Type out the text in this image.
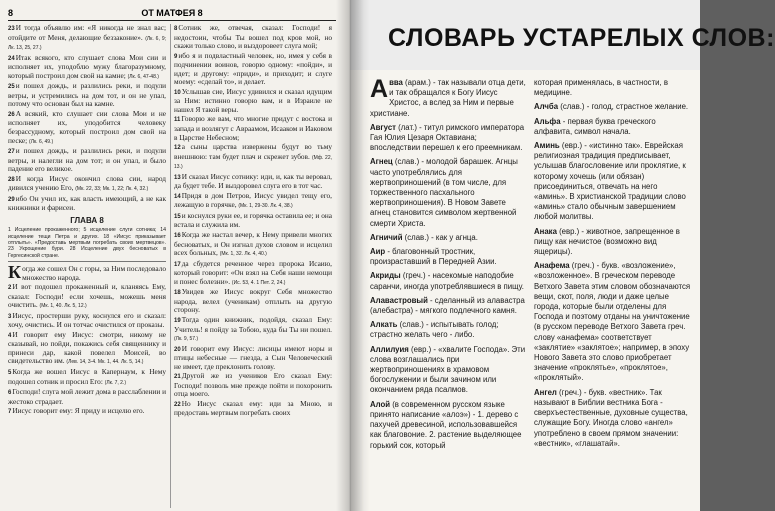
8	ОТ МАТФЕЯ 8
23И тогда объявлю им: «Я никогда не знал вас; отойдите от Меня, делающие беззаконие». (Лк. 6, 9; Лк. 13, 25, 27.)
24Итак всякого, кто слушает слова Мои сии и исполняет их, уподоблю мужу благоразумному, который построил дом свой на камне; (Лк. 6, 47-48.)
25и пошел дождь, и разлились реки, и подули ветры, и устремились на дом тот, и он не упал, потому что основан был на камне.
26А всякий, кто слушает сии слова Мои и не исполняет их, уподобится человеку безрассудному, который построил дом свой на песке; (Лк. 6, 49.)
27и пошел дождь, и разлились реки, и подули ветры, и налегли на дом тот; и он упал, и было падение его великое.
28И когда Иисус окончил слова сии, народ дивился учению Его, (Мк. 22, 33; Мк. 1, 22; Лк. 4, 32.)
29ибо Он учил их, как власть имеющий, а не как книжники и фарисеи.
ГЛАВА 8
1 Исцеление прокаженного; 5 исцеление слуги сотника; 14 исцеление тещи Петра и других. 18 «Иисус приказывает отплыть». «Предоставь мертвым погребать своих мертвецов». 23 Укрощение бури. 28 Исцеление двух бесноватых в Гергесинской стране.
Когда же сошел Он с горы, за Ним последовало множество народа.
2И вот подошел прокаженный и, кланяясь Ему, сказал: Господи! если хочешь, можешь меня очистить. (Мк. 1, 40. Лк. 5, 12.)
3Иисус, простерши руку, коснулся его и сказал: хочу, очистись. И он тотчас очистился от проказы.
4И говорит ему Иисус: смотри, никому не сказывай, но пойди, покажись себя священнику и принеси дар, какой повелел Моисей, во свидетельство им. (Лев. 14, 3-4. Мк. 1, 44. Лк. 5, 14.)
5Когда же вошел Иисус в Капернаум, к Нему подошел сотник и просил Его: (Лк. 7, 2.)
6Господи! слуга мой лежит дома в расслаблении и жестоко страдает.
7Иисус говорит ему: Я приду и исцелю его.
8Сотник же, отвечая, сказал: Господи! я недостоин, чтобы Ты вошел под кров мой, но скажи только слово, и выздоровеет слуга мой;
9ибо я и подвластный человек, но, имея у себя в подчинении воинов, говорю одному: «пойди», и идет; и другому: «приди», и приходит; и слуге моему: «сделай то», и делает.
10Услышав сие, Иисус удивился и сказал идущим за Ним: истинно говорю вам, и в Израиле не нашел Я такой веры.
11Говорю же вам, что многие придут с востока и запада и возлягут с Авраамом, Исааком и Иаковом в Царстве Небесном;
12а сыны царства извержены будут во тьму внешнюю: там будет плач и скрежет зубов. (Мф. 22, 13.)
13И сказал Иисус сотнику: иди, и, как ты веровал, да будет тебе. И выздоровел слуга его в тот час.
14Придя в дом Петров, Иисус увидел тещу его, лежащую в горячке, (Мк. 1, 29-30. Лк. 4, 38.)
15и коснулся руки ее, и горячка оставила ее; и она встала и служила им.
16Когда же настал вечер, к Нему привели многих бесноватых, и Он изгнал духов словом и исцелил всех больных, (Мк. 1, 32. Лк. 4, 40.)
17да сбудется реченное через пророка Исаию, который говорит: «Он взял на Себя наши немощи и понес болезни». (Ис. 53, 4. 1 Пет. 2, 24.)
18Увидев же Иисус вокруг Себя множество народа, велел (ученикам) отплыть на другую сторону.
19Тогда один книжник, подойдя, сказал Ему: Учитель! я пойду за Тобою, куда бы Ты ни пошел. (Лк. 9, 57.)
20И говорит ему Иисус: лисицы имеют норы и птицы небесные — гнезда, а Сын Человеческий не имеет, где преклонить голову.
21Другой же из учеников Его сказал Ему: Господи! позволь мне прежде пойти и похоронить отца моего.
22Но Иисус сказал ему: иди за Мною, и предоставь мертвым погребать своих
СЛОВАРЬ УСТАРЕЛЫХ СЛОВ:
Авва (арам.) - так называли отца дети, и так обращался к Богу Иисус Христос, а вслед за Ним и первые христиане.
Август (лат.) - титул римского императора Гая Юлия Цезаря Октавиана; впоследствии перешел к его преемникам.
Агнец (слав.) - молодой барашек. Агнцы часто употреблялись для жертвоприношений (в том числе, для торжественного пасхального жертвоприношения). В Новом Завете агнец становится символом жертвенной смерти Христа.
Агничий (слав.) - как у агнца.
Аир - благовонный тростник, произраставший в Передней Азии.
Акриды (греч.) - насекомые наподобие саранчи, иногда употреблявшиеся в пищу.
Алавастровый - сделанный из алавастра (алебастра) - мягкого подлечного камня.
Алкать (слав.) - испытывать голод; страстно желать чего - либо.
Аллилуия (евр.) - «хвалите Господа». Эти слова возглашались при жертвоприношениях в храмовом богослужении и были зачином или окончанием ряда псалмов.
Алой (в современном русском языке принято написание «алоэ») - 1. дерево с пахучей древесиной, использовавшейся как благовоние. 2. растение выделяющее горький сок, который
которая применялась, в частности, в медицине.
Алчба (слав.) - голод, страстное желание.
Альфа - первая буква греческого алфавита, символ начала.
Аминь (евр.) - «истинно так». Еврейская религиозная традиция предписывает, услышав благословение или проклятие, к которому хочешь (или обязан) присоединиться, отвечать на него «аминь». В христианской традиции слово «аминь» стало обычным завершением любой молитвы.
Анака (евр.) - животное, запрещенное в пищу как нечистое (возможно вид ящерицы).
Анафема (греч.) - букв. «возложение», «возложенное». В греческом переводе Ветхого Завета этим словом обозначаются вещи, скот, поля, люди и даже целые города, которые были отделены для Господа и поэтому отданы на уничтожение (в русском переводе Ветхого Завета греч. слову «анафема» соответствует «заклятие» «заклятое»; например, в эпоху Нового Завета это слово приобретает значение «проклятье», «проклятое», «проклятый».
Ангел (греч.) - букв. «вестник». Так называют в Библии вестника Бога - сверхъестественные, духовные существа, служащие Богу. Иногда слово «ангел» употреблено в своем прямом значении: «вестник», «глашатай».
